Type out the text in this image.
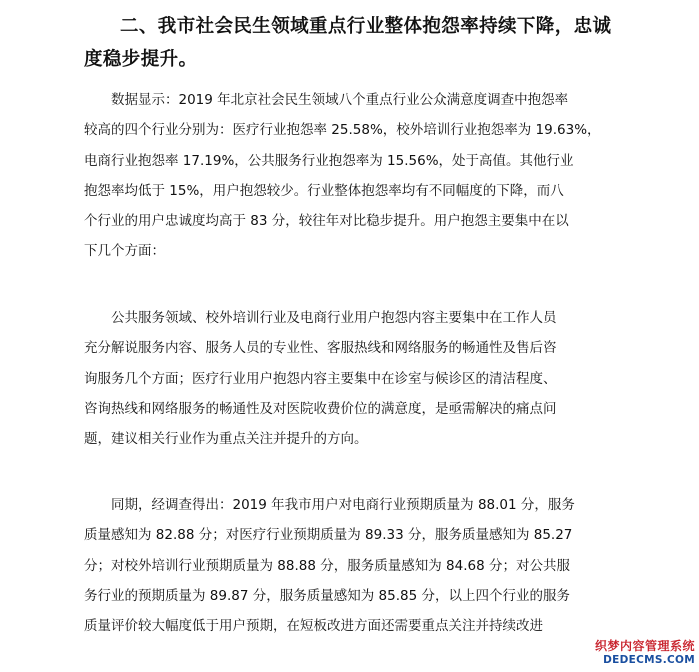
二、我市社会民生领域重点行业整体抱怨率持续下降，忠诚
度稳步提升。

数据显示：2019 年北京社会民生领域八个重点行业公众满意度调查中抱怨率
较高的四个行业分别为：医疗行业抱怨率 25.58%，校外培训行业抱怨率为 19.63%，
电商行业抱怨率 17.19%，公共服务行业抱怨率为 15.56%，处于高值。其他行业
抱怨率均低于 15%，用户抱怨较少。行业整体抱怨率均有不同幅度的下降，而八
个行业的用户忠诚度均高于 83 分，较往年对比稳步提升。用户抱怨主要集中在以
下几个方面：

公共服务领域、校外培训行业及电商行业用户抱怨内容主要集中在工作人员
充分解说服务内容、服务人员的专业性、客服热线和网络服务的畅通性及售后咨
询服务几个方面；医疗行业用户抱怨内容主要集中在诊室与候诊区的清洁程度、
咨询热线和网络服务的畅通性及对医院收费价位的满意度，是亟需解决的痛点问
题，建议相关行业作为重点关注并提升的方向。

同期，经调查得出：2019 年我市用户对电商行业预期质量为 88.01 分，服务
质量感知为 82.88 分；对医疗行业预期质量为 89.33 分，服务质量感知为 85.27
分；对校外培训行业预期质量为 88.88 分，服务质量感知为 84.68 分；对公共服
务行业的预期质量为 89.87 分，服务质量感知为 85.85 分，以上四个行业的服务
质量评价较大幅度低于用户预期，在短板改进方面还需要重点关注并持续改进

织梦内容管理系统
DEDECMS.COM
